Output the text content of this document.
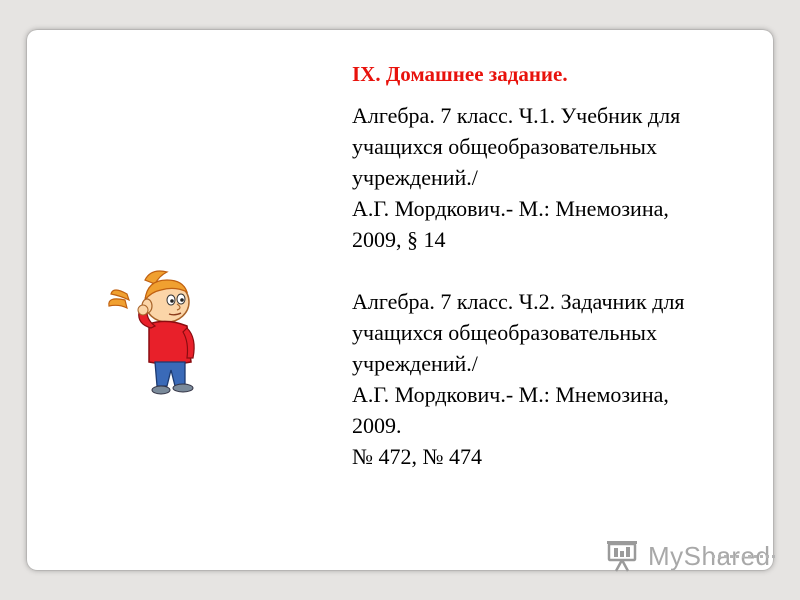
IX. Домашнее задание.

Алгебра. 7 класс. Ч.1. Учебник для
учащихся общеобразовательных
учреждений./
А.Г. Мордкович.- М.: Мнемозина,
2009, § 14

Алгебра. 7 класс. Ч.2. Задачник для
учащихся общеобразовательных
учреждений./
А.Г. Мордкович.- М.: Мнемозина,
2009.
№ 472, № 474

MyShared
